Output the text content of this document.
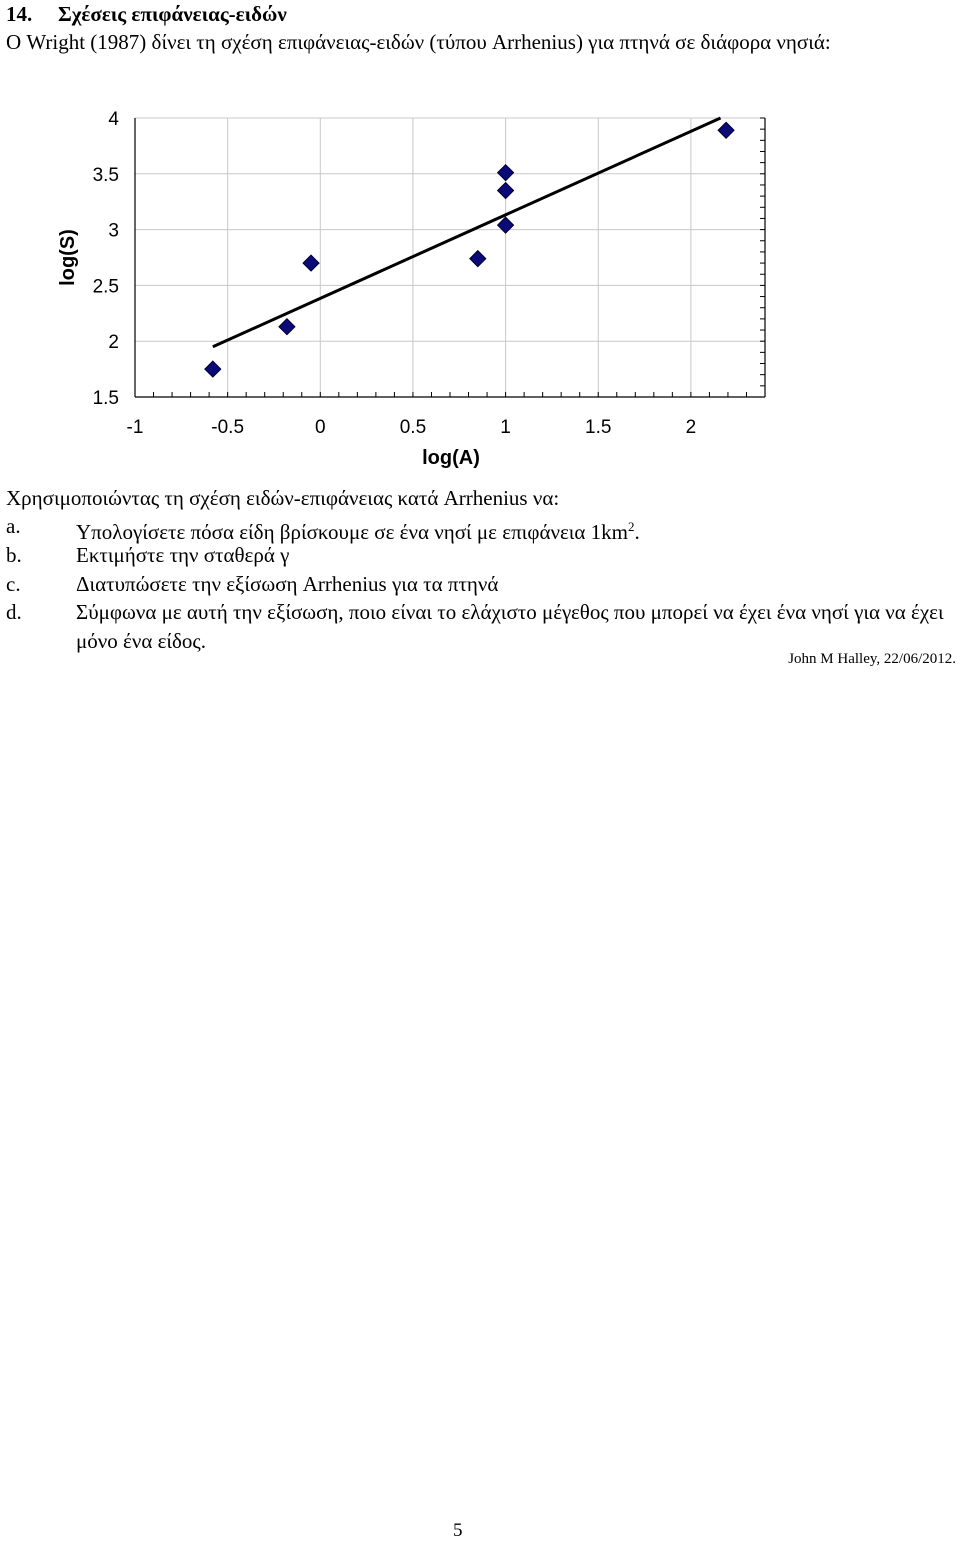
14. Σχέσεις επιφάνειας-ειδών
Ο Wright (1987) δίνει τη σχέση επιφάνειας-ειδών (τύπου Arrhenius) για πτηνά σε διάφορα νησιά:
4
3.5
3
2.5
2
1.5
-1	-0.5	0	0.5	1	1.5	2
log(A)
log(S)
Χρησιμοποιώντας τη σχέση ειδών-επιφάνειας κατά Arrhenius να:
a.	Υπολογίσετε πόσα είδη βρίσκουμε σε ένα νησί με επιφάνεια $1km^2$.
b.	Εκτιμήστε την σταθερά γ
c.	Διατυπώσετε την εξίσωση Arrhenius για τα πτηνά
d.	Σύμφωνα με αυτή την εξίσωση, ποιο είναι το ελάχιστο μέγεθος που μπορεί να έχει ένα νησί για να έχει μόνο ένα είδος.
John M Halley, 22/06/2012.
5
